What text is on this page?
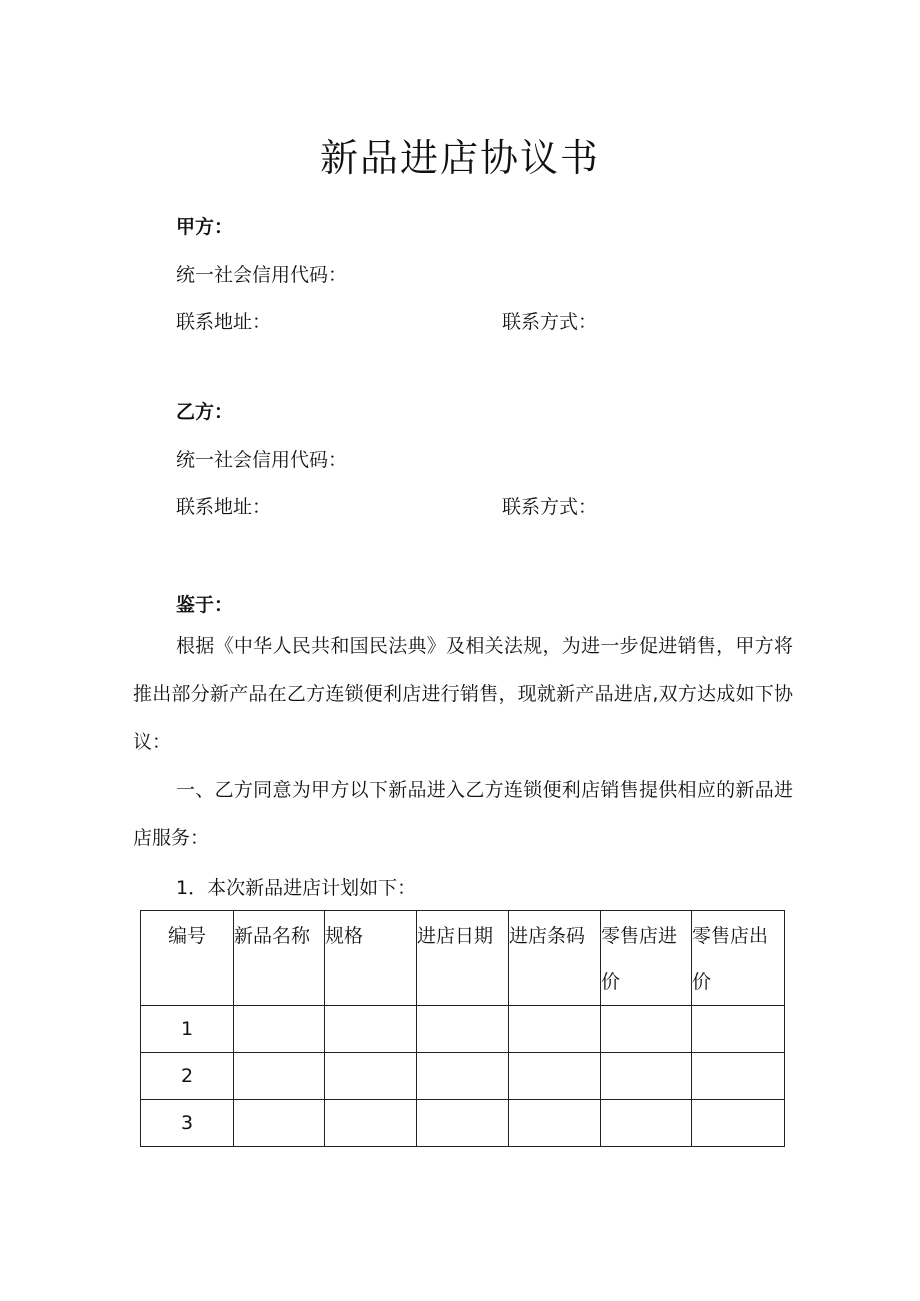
新品进店协议书
甲方：
统一社会信用代码：
联系地址：	联系方式：
乙方：
统一社会信用代码：
联系地址：	联系方式：
鉴于：
根据《中华人民共和国民法典》及相关法规，为进一步促进销售，甲方将推出部分新产品在乙方连锁便利店进行销售，现就新产品进店,双方达成如下协议：
一、乙方同意为甲方以下新品进入乙方连锁便利店销售提供相应的新品进店服务：
1．本次新品进店计划如下：
编号	新品名称	规格	进店日期	进店条码	零售店进价	零售店出价
1						
2						
3						
